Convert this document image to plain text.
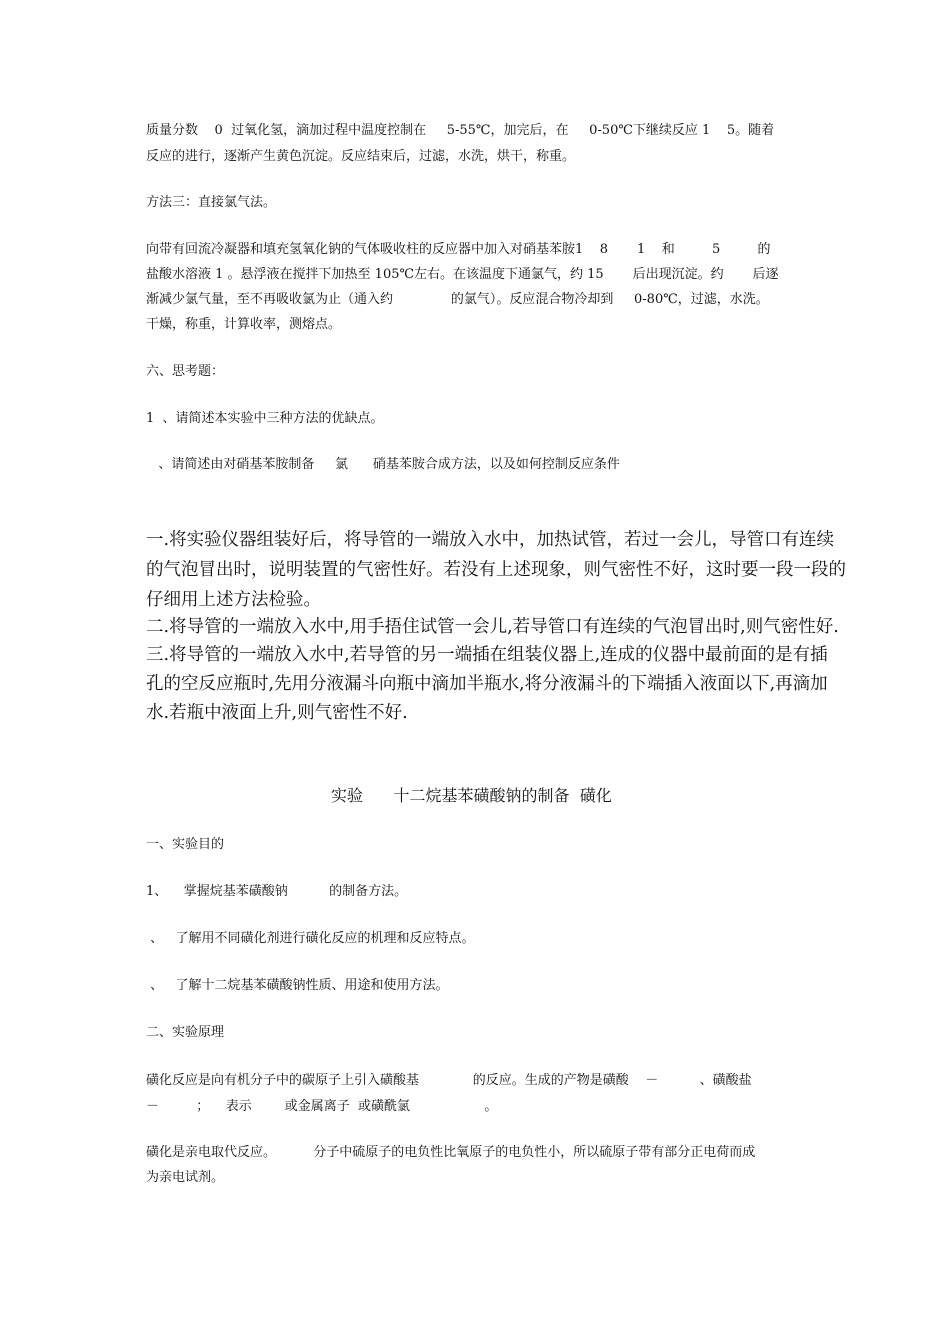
质量分数    0  过氧化氢，滴加过程中温度控制在     5-55℃，加完后，在     0-50℃下继续反应 1    5。随着
反应的进行，逐渐产生黄色沉淀。反应结束后，过滤，水洗，烘干，称重。
方法三：直接氯气法。
向带有回流冷凝器和填充氢氧化钠的气体吸收柱的反应器中加入对硝基苯胺1    8       1    和         5         的
盐酸水溶液 1 。悬浮液在搅拌下加热至 105℃左右。在该温度下通氯气，约 15       后出现沉淀。约       后逐
渐减少氯气量，至不再吸收氯为止（通入约              的氯气）。反应混合物冷却到     0-80℃，过滤，水洗。
干燥，称重，计算收率，测熔点。
六、思考题：
1  、请简述本实验中三种方法的优缺点。
、请简述由对硝基苯胺制备     氯      硝基苯胺合成方法，以及如何控制反应条件
一.将实验仪器组装好后，将导管的一端放入水中，加热试管，若过一会儿，导管口有连续
的气泡冒出时，说明装置的气密性好。若没有上述现象，则气密性不好，这时要一段一段的
仔细用上述方法检验。
二.将导管的一端放入水中,用手捂住试管一会儿,若导管口有连续的气泡冒出时,则气密性好.
三.将导管的一端放入水中,若导管的另一端插在组装仪器上,连成的仪器中最前面的是有插
孔的空反应瓶时,先用分液漏斗向瓶中滴加半瓶水,将分液漏斗的下端插入液面以下,再滴加
水.若瓶中液面上升,则气密性不好.
实验      十二烷基苯磺酸钠的制备  磺化
一、实验目的
1、    掌握烷基苯磺酸钠          的制备方法。
、   了解用不同磺化剂进行磺化反应的机理和反应特点。
、   了解十二烷基苯磺酸钠性质、用途和使用方法。
二、实验原理
磺化反应是向有机分子中的碳原子上引入磺酸基             的反应。生成的产物是磺酸    －          、磺酸盐
－         ；    表示        或金属离子  或磺酰氯                  。
磺化是亲电取代反应。         分子中硫原子的电负性比氧原子的电负性小，所以硫原子带有部分正电荷而成
为亲电试剂。
